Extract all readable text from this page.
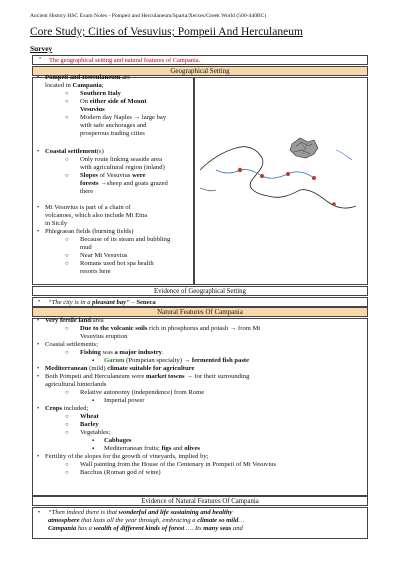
Ancient History HSC Exam Notes - Pompeii and Herculaneum/Sparta/Xerxes/Greek World (500-440BC)
Core Study; Cities of Vesuvius; Pompeii And Herculaneum
Survey
• The geographical setting and natural features of Campania.
Geographical Setting
• Pompeii and Herculaneum are
located in Campania;
○ Southern Italy
○ On either side of Mount
Vesuvius
○ Modern day Naples → large bay
with safe anchorages and
prosperous trading cities
• Coastal settlement(s)
○ Only route linking seaside area
with agricultural region (inland)
○ Slopes of Vesuvius were
forests →sheep and goats grazed
there
• Mt Vesuvius is part of a chain of
volcanoes, which also include Mt Etna
in Sicily
• Phlegraean fields (burning fields)
○ Because of its steam and bubbling
mud
○ Near Mt Vesuvius
○ Romans used hot spa health
resorts here
Evidence of Geographical Setting
• “The city is in a pleasant bay” – Seneca
Natural Features Of Campania
• Very fertile land/area
○ Due to the volcanic soils rich in phosphorus and potash → from Mt
Vesuvius eruption
• Coastal settlements;
○ Fishing was a major industry.
▪ Garum (Pompeian specialty) → fermented fish paste
• Mediterranean (mild) climate suitable for agriculture
• Both Pompeii and Herculaneum were market towns → for their surrounding
agricultural hinterlands
○ Relative autonomy (independence) from Rome
▪ Imperial power
• Crops included;
○ Wheat
○ Barley
○ Vegetables;
▪ Cabbages
▪ Mediterranean fruits; figs and olives
• Fertility of the slopes for the growth of vineyards, implied by;
○ Wall painting from the House of the Centenary in Pompeii of Mt Vesuvius
○ Bacchus (Roman god of wine)
Evidence of Natural Features Of Campania
• “Then indeed there is that wonderful and life sustaining and healthy
atmosphere that lasts all the year through, embracing a climate so mild…
Campania has a wealth of different kinds of forest …. Its many seas and
